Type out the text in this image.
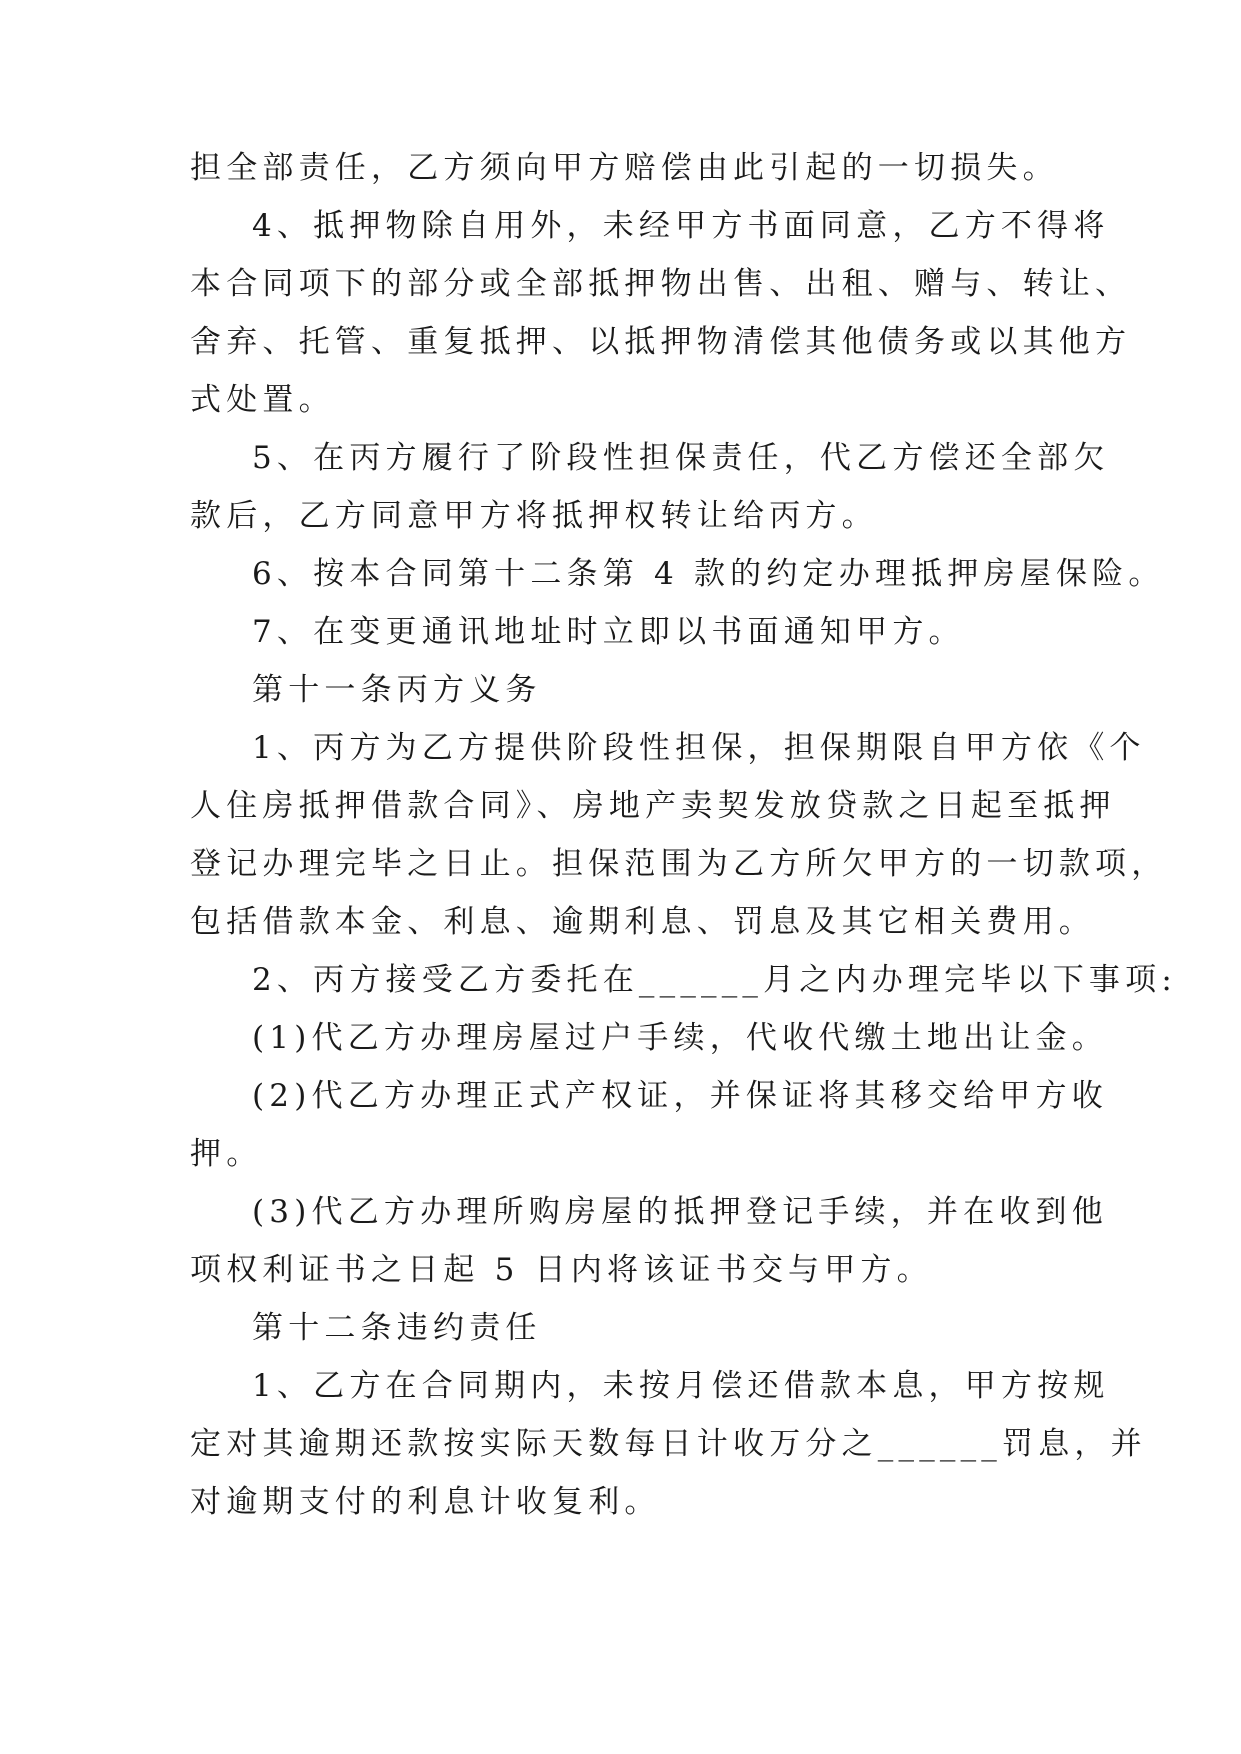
担全部责任，乙方须向甲方赔偿由此引起的一切损失。
4、抵押物除自用外，未经甲方书面同意，乙方不得将
本合同项下的部分或全部抵押物出售、出租、赠与、转让、
舍弃、托管、重复抵押、以抵押物清偿其他债务或以其他方
式处置。
5、在丙方履行了阶段性担保责任，代乙方偿还全部欠
款后，乙方同意甲方将抵押权转让给丙方。
6、按本合同第十二条第 4 款的约定办理抵押房屋保险。
7、在变更通讯地址时立即以书面通知甲方。
第十一条丙方义务
1、丙方为乙方提供阶段性担保，担保期限自甲方依《个
人住房抵押借款合同》、房地产卖契发放贷款之日起至抵押
登记办理完毕之日止。担保范围为乙方所欠甲方的一切款项，
包括借款本金、利息、逾期利息、罚息及其它相关费用。
2、丙方接受乙方委托在______月之内办理完毕以下事项:
(1)代乙方办理房屋过户手续，代收代缴土地出让金。
(2)代乙方办理正式产权证，并保证将其移交给甲方收
押。
(3)代乙方办理所购房屋的抵押登记手续，并在收到他
项权利证书之日起 5 日内将该证书交与甲方。
第十二条违约责任
1、乙方在合同期内，未按月偿还借款本息，甲方按规
定对其逾期还款按实际天数每日计收万分之______罚息，并
对逾期支付的利息计收复利。
